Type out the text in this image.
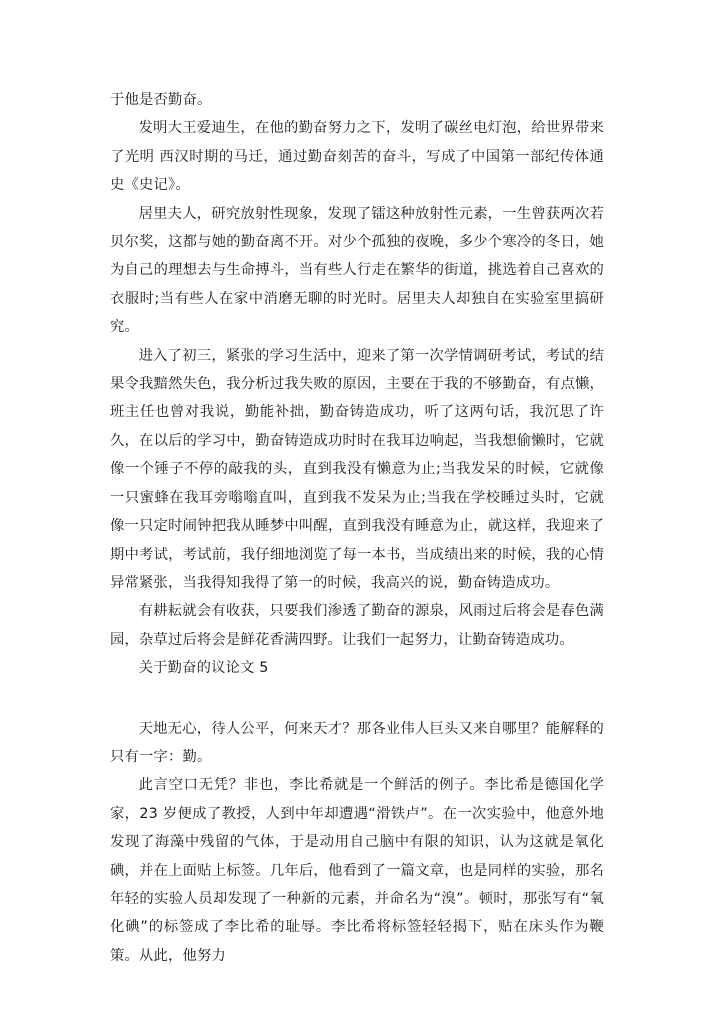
于他是否勤奋。

发明大王爱迪生，在他的勤奋努力之下，发明了碳丝电灯泡，给世界带来了光明 西汉时期的马迁，通过勤奋刻苦的奋斗，写成了中国第一部纪传体通史《史记》。

居里夫人，研究放射性现象，发现了镭这种放射性元素，一生曾获两次若贝尔奖，这都与她的勤奋离不开。对少个孤独的夜晚，多少个寒冷的冬日，她为自己的理想去与生命搏斗，当有些人行走在繁华的街道，挑选着自己喜欢的衣服时;当有些人在家中消磨无聊的时光时。居里夫人却独自在实验室里搞研究。

进入了初三，紧张的学习生活中，迎来了第一次学情调研考试，考试的结果令我黯然失色，我分析过我失败的原因，主要在于我的不够勤奋，有点懒，班主任也曾对我说，勤能补拙，勤奋铸造成功，听了这两句话，我沉思了许久，在以后的学习中，勤奋铸造成功时时在我耳边响起，当我想偷懒时，它就像一个锤子不停的敲我的头，直到我没有懒意为止;当我发呆的时候，它就像一只蜜蜂在我耳旁嗡嗡直叫，直到我不发呆为止;当我在学校睡过头时，它就像一只定时闹钟把我从睡梦中叫醒，直到我没有睡意为止，就这样，我迎来了期中考试，考试前，我仔细地浏览了每一本书，当成绩出来的时候，我的心情异常紧张，当我得知我得了第一的时候，我高兴的说，勤奋铸造成功。

有耕耘就会有收获，只要我们渗透了勤奋的源泉，风雨过后将会是春色满园，杂草过后将会是鲜花香满四野。让我们一起努力，让勤奋铸造成功。

关于勤奋的议论文 5

天地无心，待人公平，何来天才？那各业伟人巨头又来自哪里？能解释的只有一字：勤。

此言空口无凭？非也，李比希就是一个鲜活的例子。李比希是德国化学家，23 岁便成了教授，人到中年却遭遇“滑铁卢”。在一次实验中，他意外地发现了海藻中残留的气体，于是动用自己脑中有限的知识，认为这就是氧化碘，并在上面贴上标签。几年后，他看到了一篇文章，也是同样的实验，那名年轻的实验人员却发现了一种新的元素，并命名为“溴”。顿时，那张写有“氧化碘”的标签成了李比希的耻辱。李比希将标签轻轻揭下，贴在床头作为鞭策。从此，他努力
